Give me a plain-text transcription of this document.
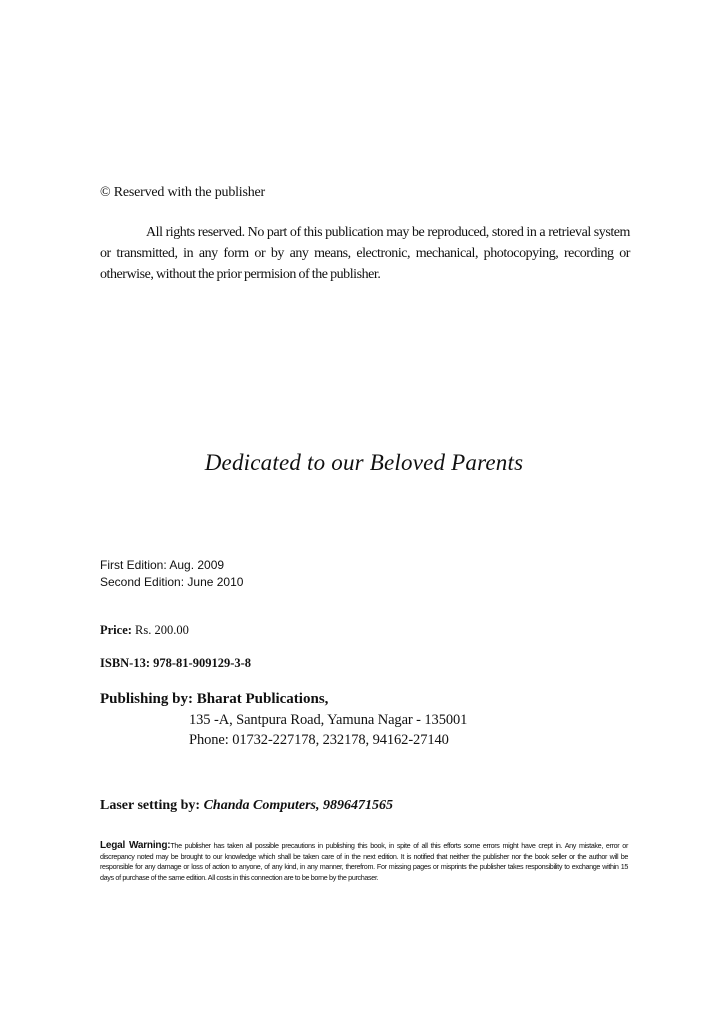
© Reserved with the publisher

All rights reserved. No part of this publication may be reproduced, stored in a retrieval system or transmitted, in any form or by any means, electronic, mechanical, photocopying, recording or otherwise, without the prior permision of the publisher.

Dedicated to our Beloved Parents
First Edition: Aug. 2009
Second Edition: June 2010
Price: Rs. 200.00
ISBN-13: 978-81-909129-3-8
Publishing by: Bharat Publications,
135 -A, Santpura Road, Yamuna Nagar - 135001
Phone: 01732-227178, 232178, 94162-27140
Laser setting by: Chanda Computers, 9896471565

Legal Warning:The publisher has taken all possible precautions in publishing this book, in spite of all this efforts some errors might have crept in. Any mistake, error or discrepancy noted may be brought to our knowledge which shall be taken care of in the next edition. It is notified that neither the publisher nor the book seller or the author will be responsible for any damage or loss of action to anyone, of any kind, in any manner, therefrom. For missing pages or misprints the publisher takes responsibility to exchange within 15 days of purchase of the same edition. All costs in this connection are to be borne by the purchaser.
